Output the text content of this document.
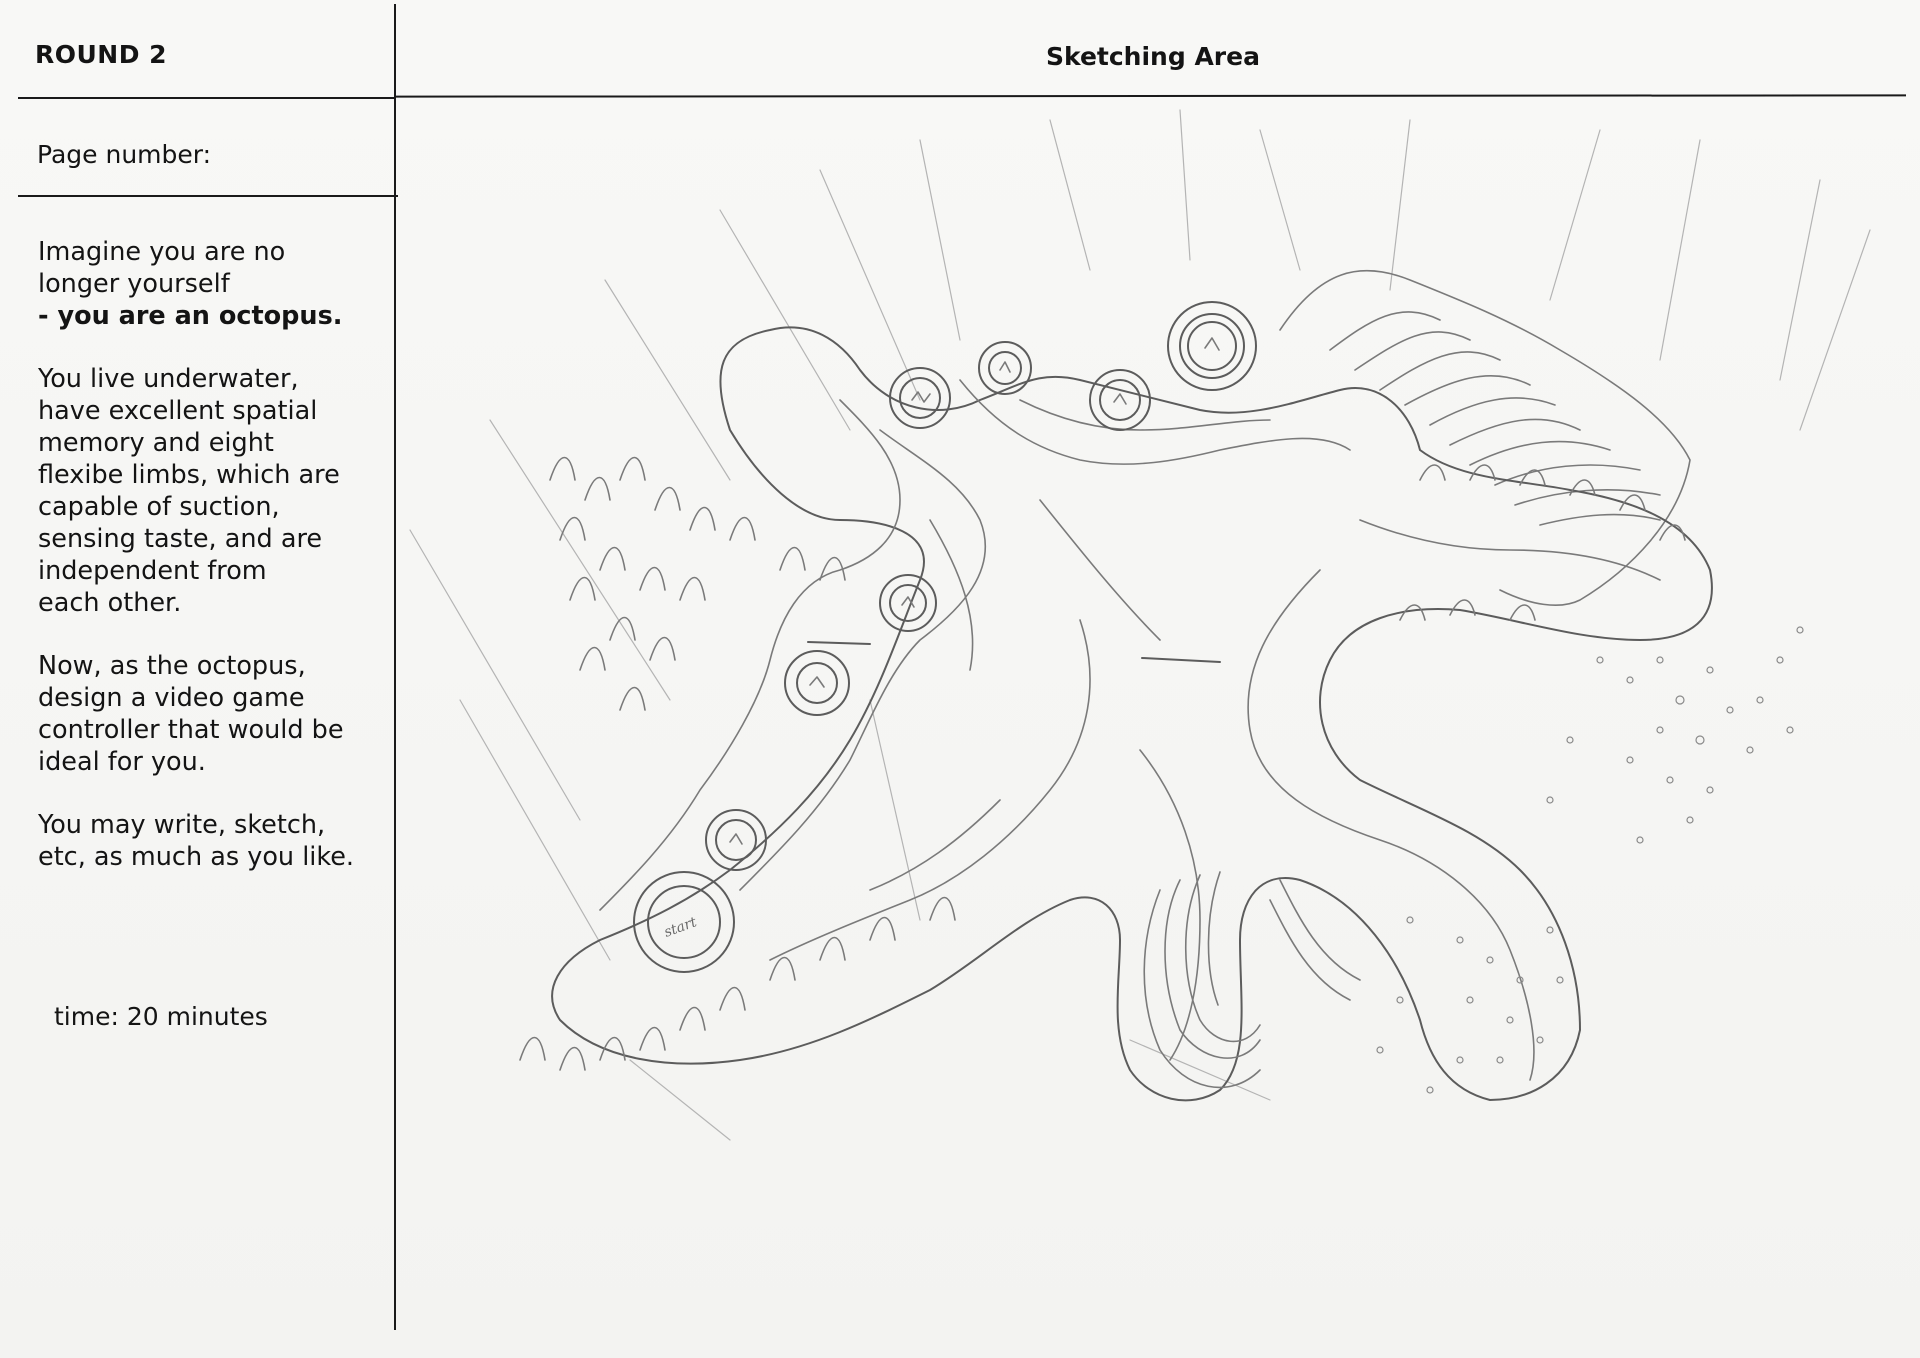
ROUND 2	Sketching Area
Page number:

Imagine you are no
longer yourself
- you are an octopus.

You live underwater,
have excellent spatial
memory and eight
flexibe limbs, which are
capable of suction,
sensing taste, and are
independent from
each other.

Now, as the octopus,
design a video game
controller that would be
ideal for you.

You may write, sketch,
etc, as much as you like.

time: 20 minutes
start
